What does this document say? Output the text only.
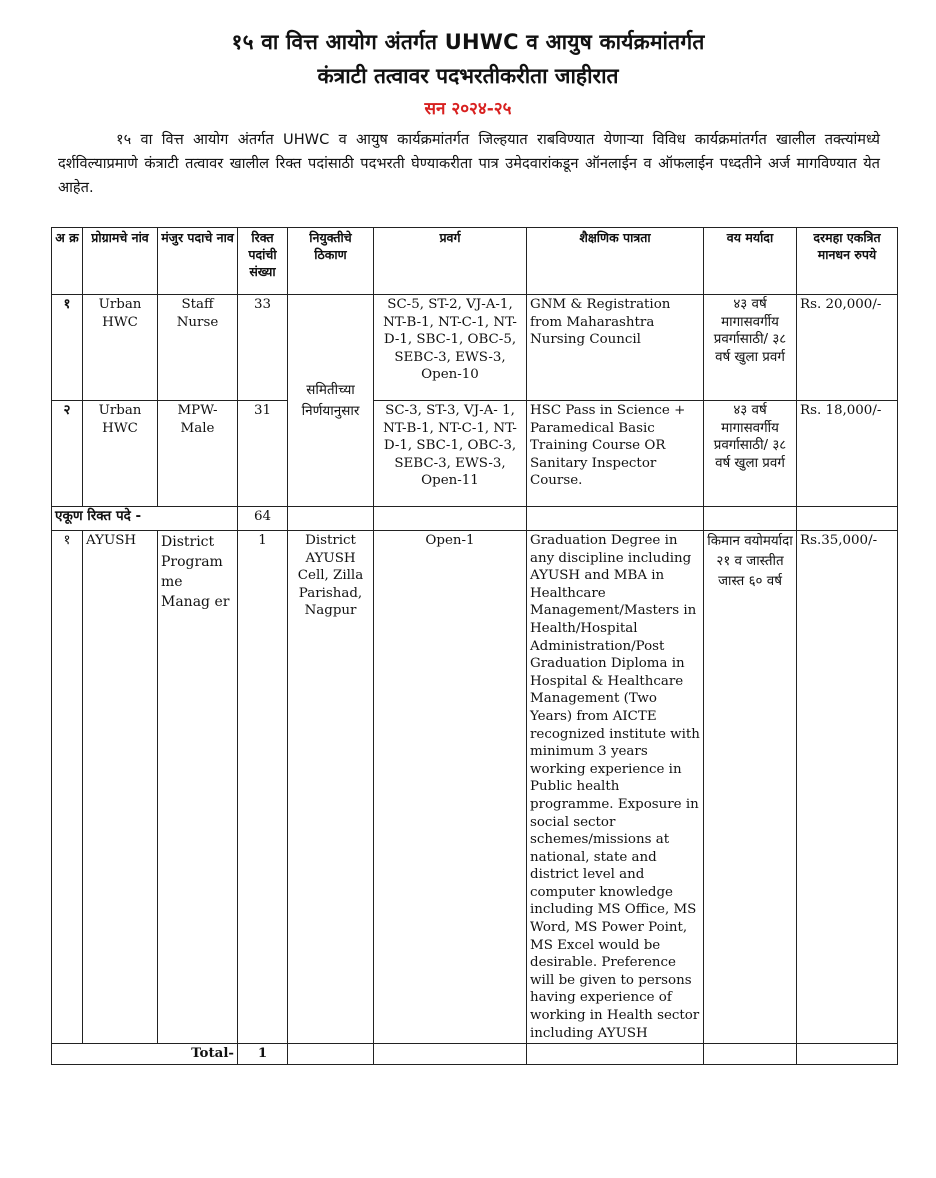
१५ वा वित्त आयोग अंतर्गत UHWC व आयुष कार्यक्रमांतर्गत
कंत्राटी तत्वावर पदभरतीकरीता जाहीरात
सन २०२४-२५
१५ वा वित्त आयोग अंतर्गत UHWC व आयुष कार्यक्रमांतर्गत जिल्हयात राबविण्यात येणाऱ्या विविध कार्यक्रमांतर्गत खालील तक्त्यांमध्ये दर्शविल्याप्रमाणे कंत्राटी तत्वावर खालील रिक्त पदांसाठी पदभरती घेण्याकरीता पात्र उमेदवारांकडून ऑनलाईन व ऑफलाईन पध्दतीने अर्ज मागविण्यात येत आहेत.
अ क्र	प्रोग्रामचे नांव	मंजुर पदाचे नाव	रिक्त पदांची संख्या	नियुक्तीचे ठिकाण	प्रवर्ग	शैक्षणिक पात्रता	वय मर्यादा	दरमहा एकत्रित मानधन रुपये
१	Urban HWC	Staff Nurse	33	समितीच्या निर्णयानुसार	SC-5, ST-2, VJ-A-1, NT-B-1, NT-C-1, NT-D-1, SBC-1, OBC-5, SEBC-3, EWS-3, Open-10	GNM & Registration from Maharashtra Nursing Council	४३ वर्ष मागासवर्गीय प्रवर्गासाठी/ ३८ वर्ष खुला प्रवर्ग	Rs. 20,000/-
२	Urban HWC	MPW-Male	31		SC-3, ST-3, VJ-A- 1, NT-B-1, NT-C-1, NT-D-1, SBC-1, OBC-3, SEBC-3, EWS-3, Open-11	HSC Pass in Science + Paramedical Basic Training Course OR Sanitary Inspector Course.	४३ वर्ष मागासवर्गीय प्रवर्गासाठी/ ३८ वर्ष खुला प्रवर्ग	Rs. 18,000/-
एकूण रिक्त पदे -			64					
१	AYUSH	District Program me Manag er	1	District AYUSH Cell, Zilla Parishad, Nagpur	Open-1	Graduation Degree in any discipline including AYUSH and MBA in Healthcare Management/Masters in Health/Hospital Administration/Post Graduation Diploma in Hospital & Healthcare Management (Two Years) from AICTE recognized institute with minimum 3 years working experience in Public health programme. Exposure in social sector schemes/missions at national, state and district level and computer knowledge including MS Office, MS Word, MS Power Point, MS Excel would be desirable. Preference will be given to persons having experience of working in Health sector including AYUSH	किमान वयोमर्यादा २१ व जास्तीत जास्त ६० वर्ष	Rs.35,000/-
Total-			1					
